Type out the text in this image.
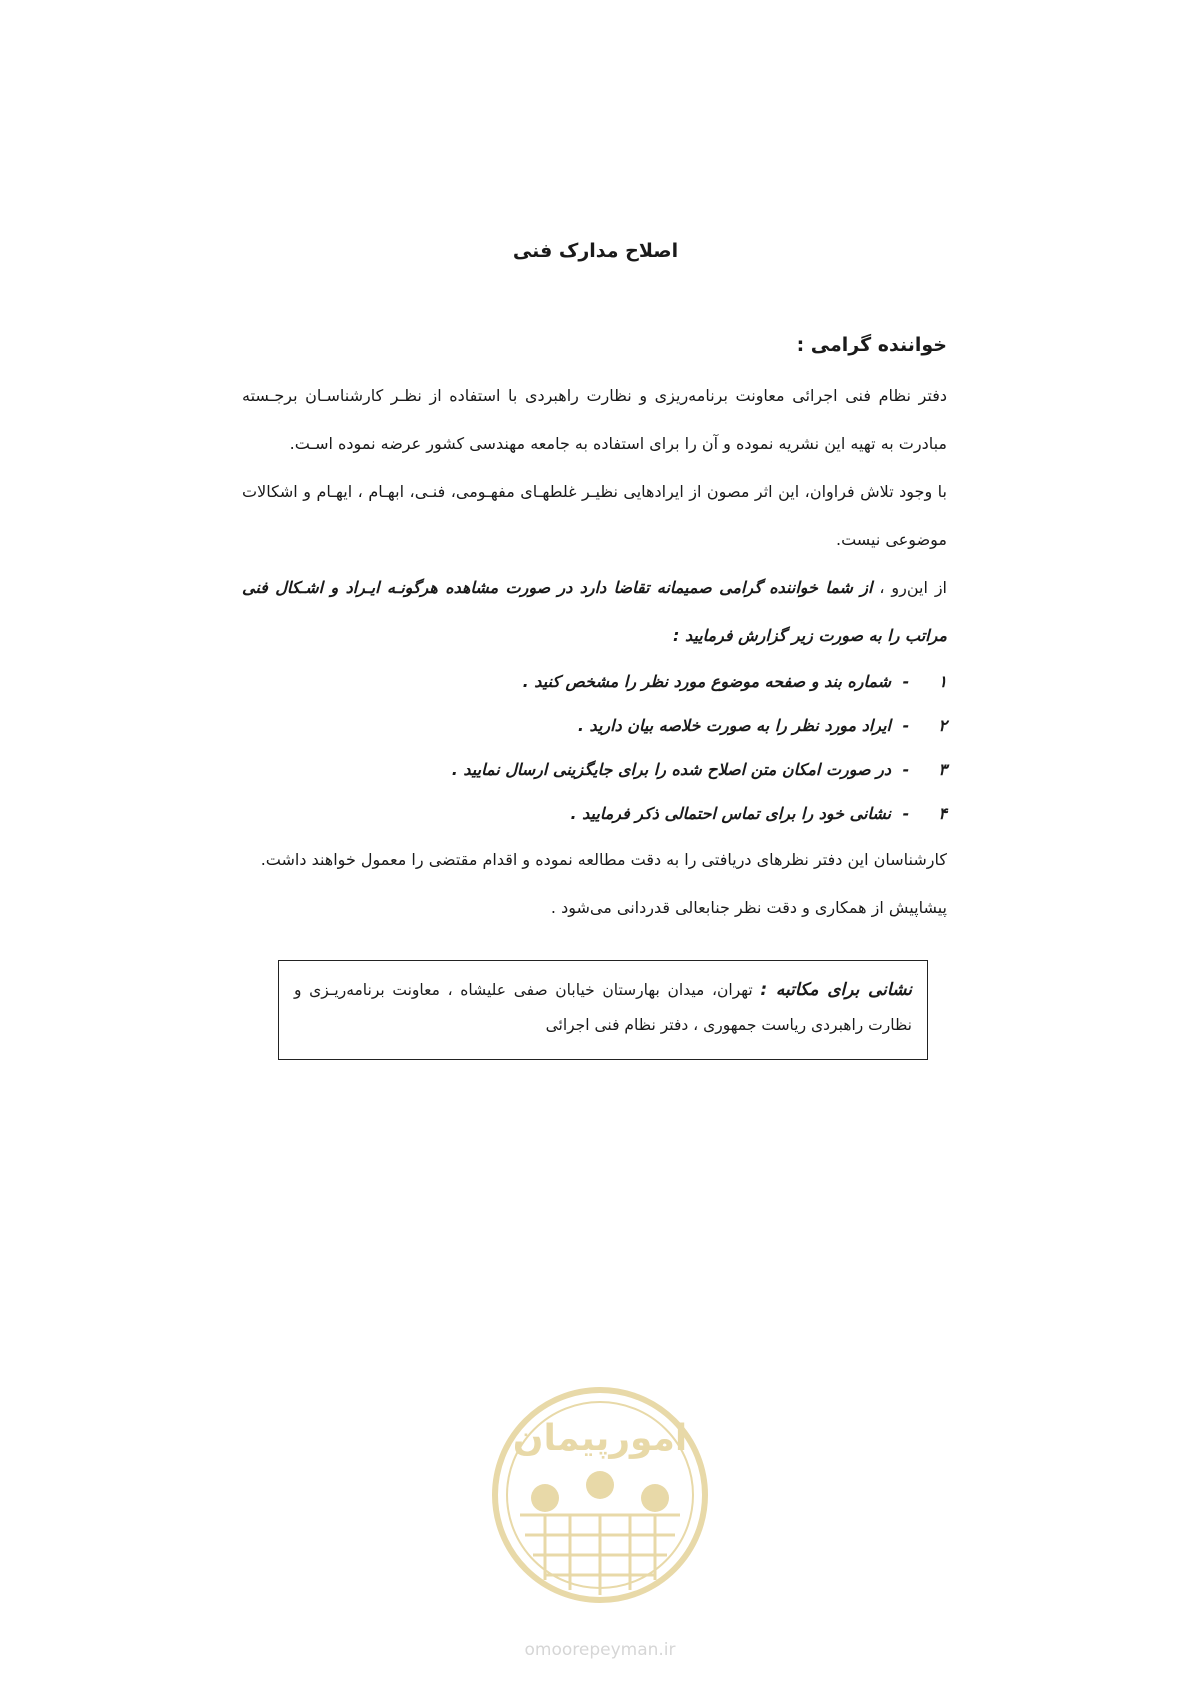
اصلاح مدارک فنی
خواننده گرامی :

دفتر نظام فنی اجرائی معاونت برنامه‌ریزی و نظارت راهبردی با استفاده از نظـر کارشناسـان برجـسته مبادرت به تهیه این نشریه نموده و آن را برای استفاده به جامعه مهندسی کشور عرضه نموده اسـت.

با وجود تلاش فراوان، این اثر مصون از ایرادهایی نظیـر غلطهـای مفهـومی، فنـی، ابهـام ، ایهـام و اشکالات موضوعی نیست.

از این‌رو ، از شما خواننده گرامی صمیمانه تقاضا دارد در صورت مشاهده هرگونـه ایـراد و اشـکال فنی مراتب را به صورت زیر گزارش فرمایید :

۱
-
شماره بند و صفحه موضوع مورد نظر را مشخص کنید .
۲
-
ایراد مورد نظر را به صورت خلاصه بیان دارید .
۳
-
در صورت امکان متن اصلاح شده را برای جایگزینی ارسال نمایید .
۴
-
نشانی خود را برای تماس احتمالی ذکر فرمایید .

کارشناسان این دفتر نظرهای دریافتی را به دقت مطالعه نموده و اقدام مقتضی را معمول خواهند داشت.

پیشاپیش از همکاری و دقت نظر جنابعالی قدردانی می‌شود .

نشانی برای مکاتبه : تهران، میدان بهارستان خیابان صفی علیشاه ، معاونت برنامه‌ریـزی و نظارت راهبردی ریاست جمهوری ، دفتر نظام فنی اجرائی
امورپیمان
omoorepeyman.ir
